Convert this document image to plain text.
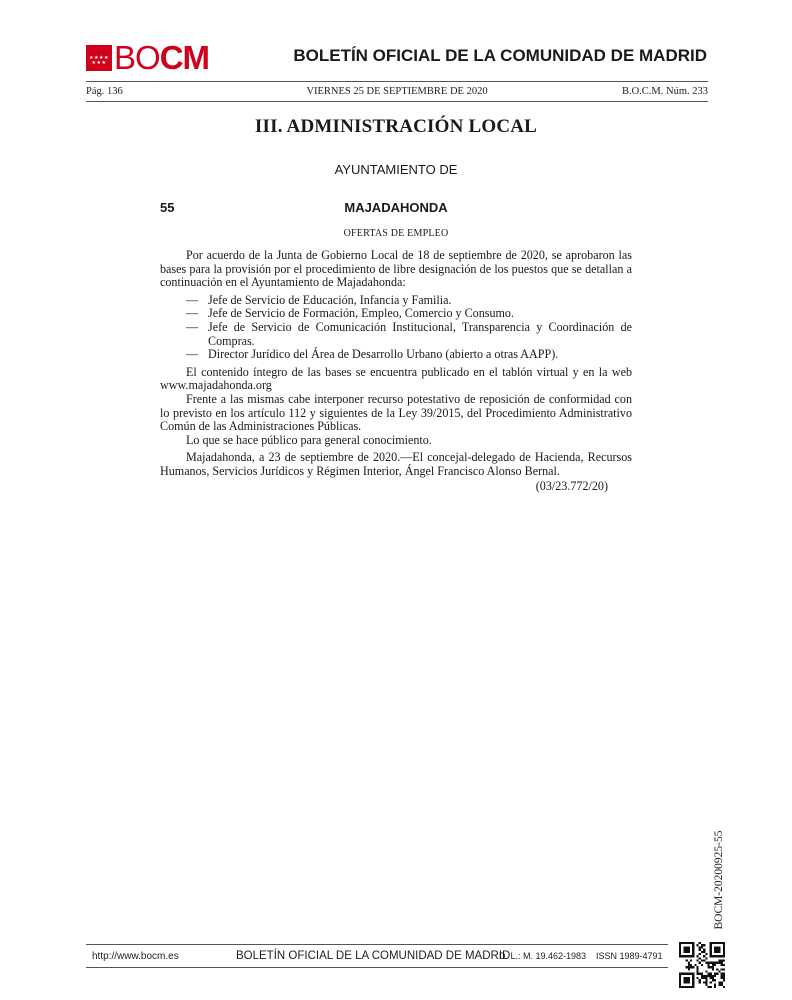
★★★★ ★★★ BO CM	BOLETÍN OFICIAL DE LA COMUNIDAD DE MADRID
Pág. 136	VIERNES 25 DE SEPTIEMBRE DE 2020	B.O.C.M. Núm. 233
III. ADMINISTRACIÓN LOCAL
AYUNTAMIENTO DE
55	MAJADAHONDA
OFERTAS DE EMPLEO

Por acuerdo de la Junta de Gobierno Local de 18 de septiembre de 2020, se aprobaron las bases para la provisión por el procedimiento de libre designación de los puestos que se detallan a continuación en el Ayuntamiento de Majadahonda:

— Jefe de Servicio de Educación, Infancia y Familia.
— Jefe de Servicio de Formación, Empleo, Comercio y Consumo.
— Jefe de Servicio de Comunicación Institucional, Transparencia y Coordinación de Compras.
— Director Jurídico del Área de Desarrollo Urbano (abierto a otras AAPP).

El contenido íntegro de las bases se encuentra publicado en el tablón virtual y en la web www.majadahonda.org

Frente a las mismas cabe interponer recurso potestativo de reposición de conformidad con lo previsto en los artículo 112 y siguientes de la Ley 39/2015, del Procedimiento Administrativo Común de las Administraciones Públicas.

Lo que se hace público para general conocimiento.

Majadahonda, a 23 de septiembre de 2020.—El concejal-delegado de Hacienda, Recursos Humanos, Servicios Jurídicos y Régimen Interior, Ángel Francisco Alonso Bernal.

(03/23.772/20)
BOCM-20200925-55
http://www.bocm.es	BOLETÍN OFICIAL DE LA COMUNIDAD DE MADRID
D. L.: M. 19.462-1983 ISSN 1989-4791
